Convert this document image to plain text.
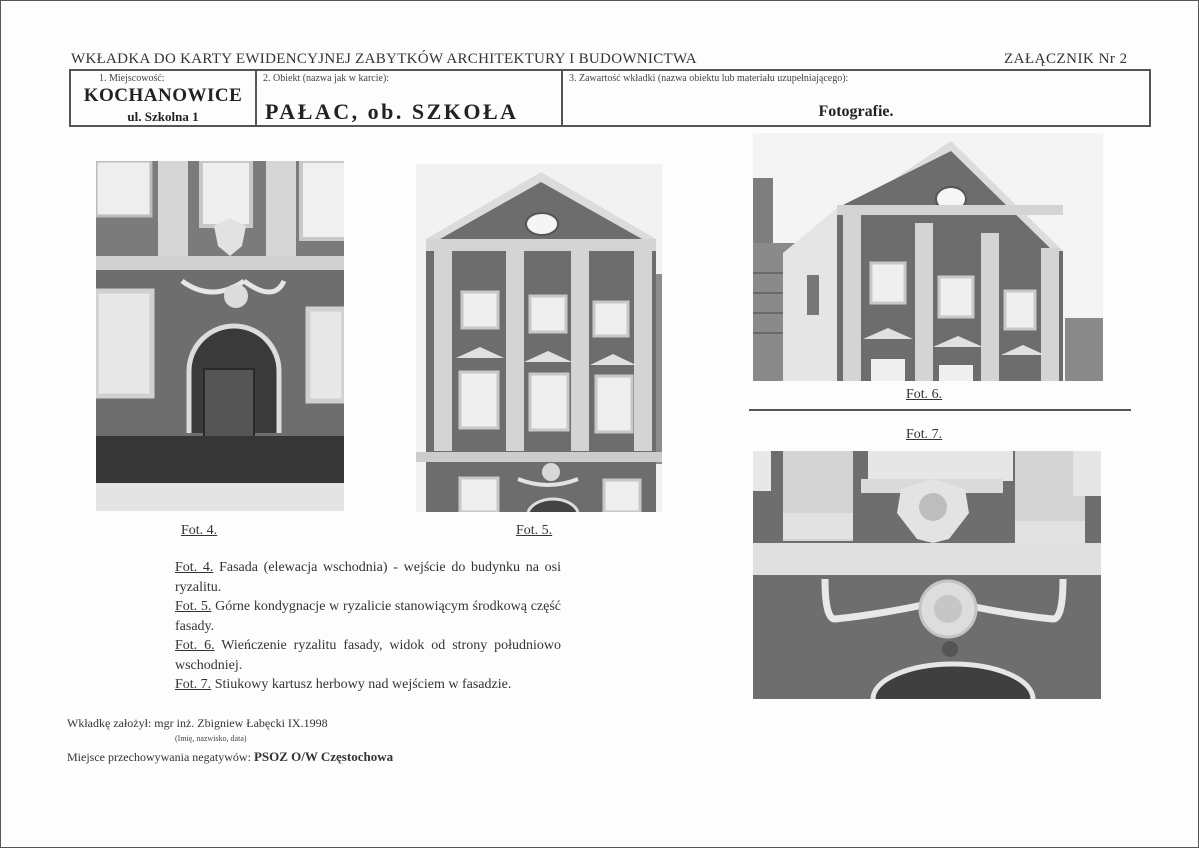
WKŁADKA DO KARTY EWIDENCYJNEJ ZABYTKÓW ARCHITEKTURY I BUDOWNICTWA	ZAŁĄCZNIK Nr 2
1. Miejscowość:
KOCHANOWICE
ul. Szkolna 1
2. Obiekt (nazwa jak w karcie):
PAŁAC, ob. SZKOŁA
3. Zawartość wkładki (nazwa obiektu lub materiału uzupełniającego):
Fotografie.
Fot. 4.	Fot. 5.
Fot. 6.
Fot. 7.

Fot. 4. Fasada (elewacja wschodnia) - wejście do budynku na osi ryzalitu.

Fot. 5. Górne kondygnacje w ryzalicie stanowiącym środkową część fasady.

Fot. 6. Wieńczenie ryzalitu fasady, widok od strony południowo wschodniej.

Fot. 7. Stiukowy kartusz herbowy nad wejściem w fasadzie.

Wkładkę założył: mgr inż. Zbigniew Łabęcki IX.1998
(Imię, nazwisko, data)
Miejsce przechowywania negatywów: PSOZ O/W Częstochowa
